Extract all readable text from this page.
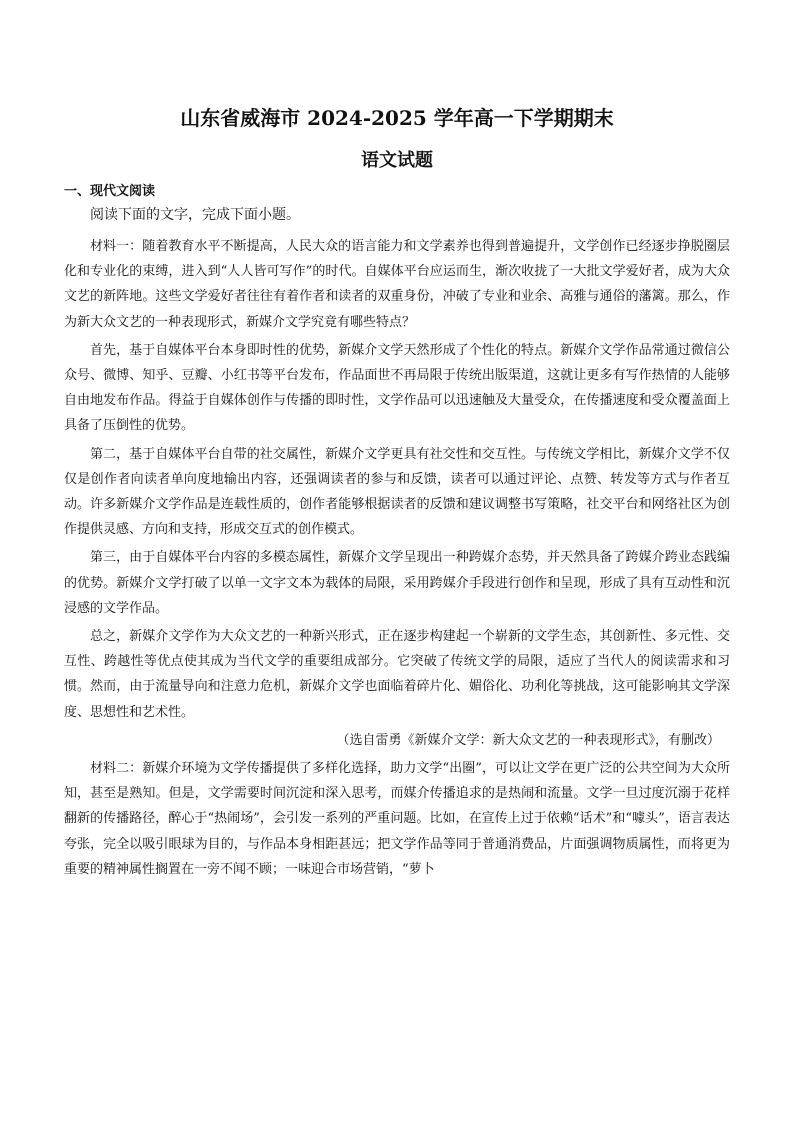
山东省威海市 2024-2025 学年高一下学期期末
语文试题
一、现代文阅读
阅读下面的文字，完成下面小题。

材料一：随着教育水平不断提高，人民大众的语言能力和文学素养也得到普遍提升，文学创作已经逐步挣脱圈层化和专业化的束缚，进入到“人人皆可写作”的时代。自媒体平台应运而生，渐次收拢了一大批文学爱好者，成为大众文艺的新阵地。这些文学爱好者往往有着作者和读者的双重身份，冲破了专业和业余、高雅与通俗的藩篱。那么，作为新大众文艺的一种表现形式，新媒介文学究竟有哪些特点？

首先，基于自媒体平台本身即时性的优势，新媒介文学天然形成了个性化的特点。新媒介文学作品常通过微信公众号、微博、知乎、豆瓣、小红书等平台发布，作品面世不再局限于传统出版渠道，这就让更多有写作热情的人能够自由地发布作品。得益于自媒体创作与传播的即时性，文学作品可以迅速触及大量受众，在传播速度和受众覆盖面上具备了压倒性的优势。

第二，基于自媒体平台自带的社交属性，新媒介文学更具有社交性和交互性。与传统文学相比，新媒介文学不仅仅是创作者向读者单向度地输出内容，还强调读者的参与和反馈，读者可以通过评论、点赞、转发等方式与作者互动。许多新媒介文学作品是连载性质的，创作者能够根据读者的反馈和建议调整书写策略，社交平台和网络社区为创作提供灵感、方向和支持，形成交互式的创作模式。

第三，由于自媒体平台内容的多模态属性，新媒介文学呈现出一种跨媒介态势，并天然具备了跨媒介跨业态践编的优势。新媒介文学打破了以单一文字文本为载体的局限，采用跨媒介手段进行创作和呈现，形成了具有互动性和沉浸感的文学作品。

总之，新媒介文学作为大众文艺的一种新兴形式，正在逐步构建起一个崭新的文学生态，其创新性、多元性、交互性、跨越性等优点使其成为当代文学的重要组成部分。它突破了传统文学的局限，适应了当代人的阅读需求和习惯。然而，由于流量导向和注意力危机，新媒介文学也面临着碎片化、媚俗化、功利化等挑战，这可能影响其文学深度、思想性和艺术性。

（选自雷勇《新媒介文学：新大众文艺的一种表现形式》，有删改）

材料二：新媒介环境为文学传播提供了多样化选择，助力文学“出圈”，可以让文学在更广泛的公共空间为大众所知，甚至是熟知。但是，文学需要时间沉淀和深入思考，而媒介传播追求的是热闹和流量。文学一旦过度沉溺于花样翻新的传播路径，醉心于“热闹场”，会引发一系列的严重问题。比如，在宣传上过于依赖“话术”和“噱头”，语言表达夸张，完全以吸引眼球为目的，与作品本身相距甚远；把文学作品等同于普通消费品，片面强调物质属性，而将更为重要的精神属性搁置在一旁不闻不顾；一味迎合市场营销，“萝卜
